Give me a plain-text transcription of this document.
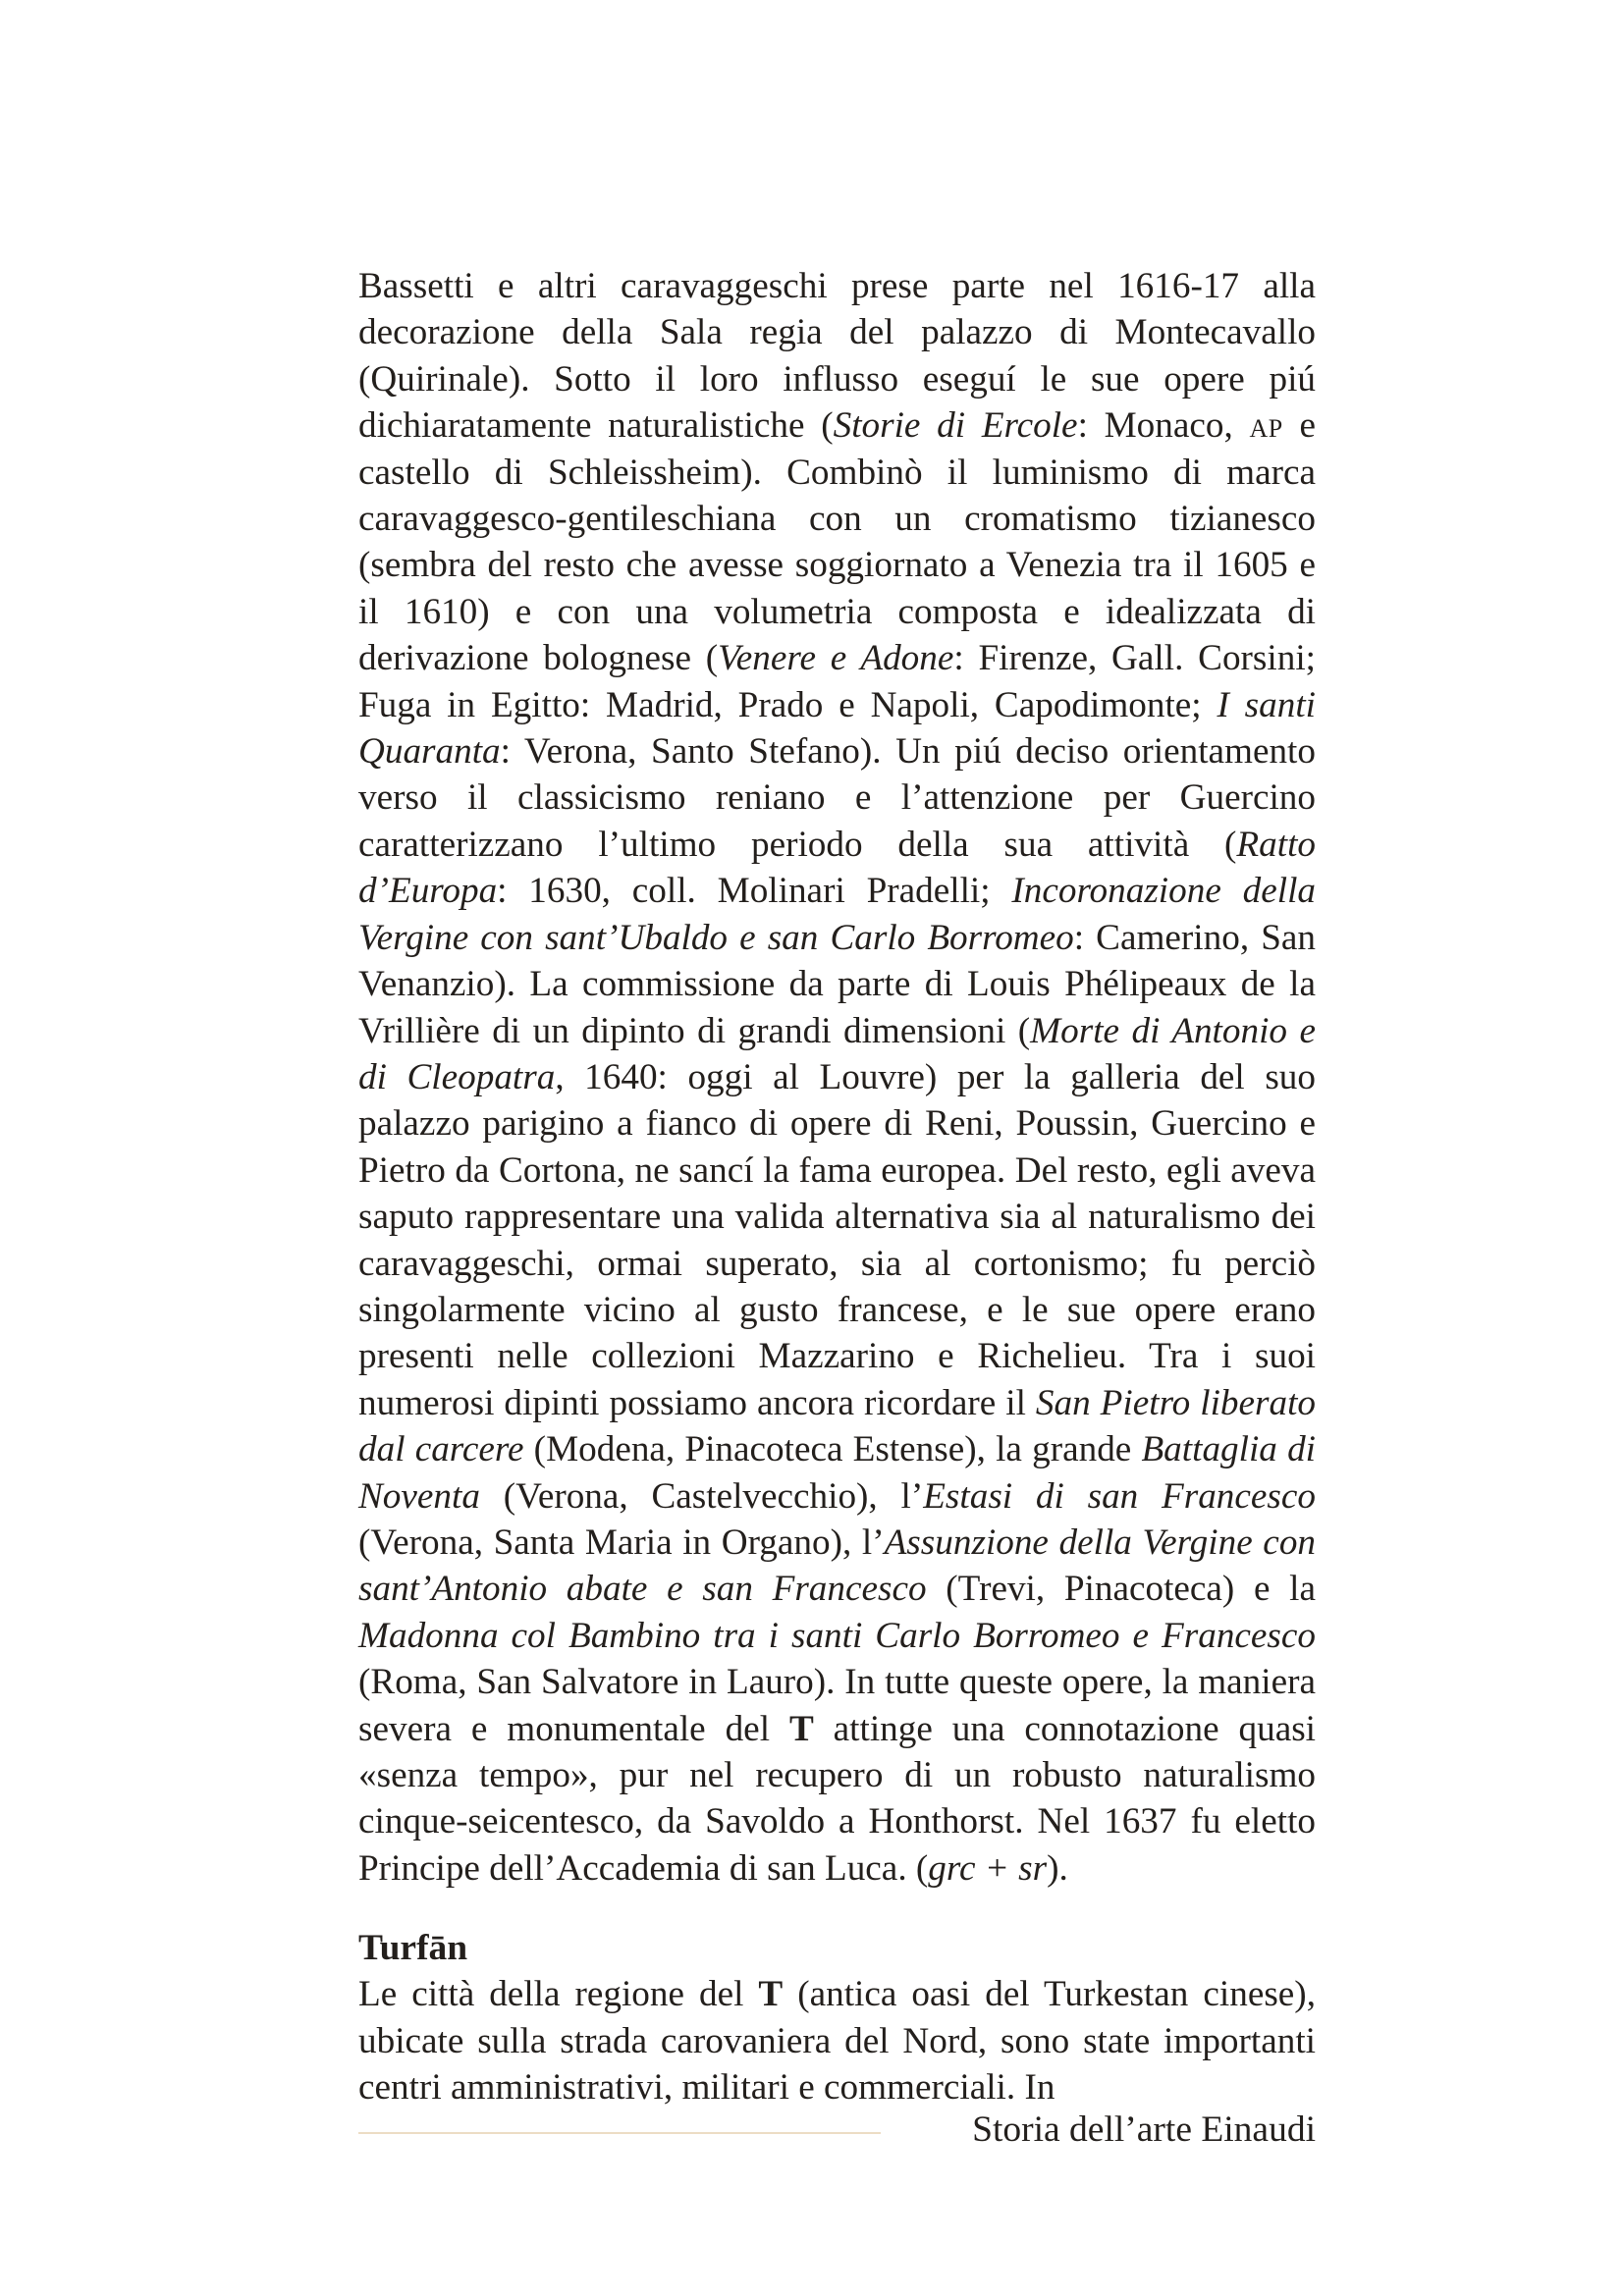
Bassetti e altri caravaggeschi prese parte nel 1616-17 alla decorazione della Sala regia del palazzo di Montecavallo (Quirinale). Sotto il loro influsso eseguí le sue opere piú dichiaratamente naturalistiche (Storie di Ercole: Monaco, ap e castello di Schleissheim). Combinò il luminismo di marca caravaggesco-gentileschiana con un cromatismo tizianesco (sembra del resto che avesse soggiornato a Venezia tra il 1605 e il 1610) e con una volumetria composta e idealizzata di derivazione bolognese (Venere e Adone: Firenze, Gall. Corsini; Fuga in Egitto: Madrid, Prado e Napoli, Capodimonte; I santi Quaranta: Verona, Santo Stefano). Un piú deciso orientamento verso il classicismo reniano e l’attenzione per Guercino caratterizzano l’ultimo periodo della sua attività (Ratto d’Europa: 1630, coll. Molinari Pradelli; Incoronazione della Vergine con sant’Ubaldo e san Carlo Borromeo: Camerino, San Venanzio). La commissione da parte di Louis Phélipeaux de la Vrillière di un dipinto di grandi dimensioni (Morte di Antonio e di Cleopatra, 1640: oggi al Louvre) per la galleria del suo palazzo parigino a fianco di opere di Reni, Poussin, Guercino e Pietro da Cortona, ne sancí la fama europea. Del resto, egli aveva saputo rappresentare una valida alternativa sia al naturalismo dei caravaggeschi, ormai superato, sia al cortonismo; fu perciò singolarmente vicino al gusto francese, e le sue opere erano presenti nelle collezioni Mazzarino e Richelieu. Tra i suoi numerosi dipinti possiamo ancora ricordare il San Pietro liberato dal carcere (Modena, Pinacoteca Estense), la grande Battaglia di Noventa (Verona, Castelvecchio), l’Estasi di san Francesco (Verona, Santa Maria in Organo), l’Assunzione della Vergine con sant’Antonio abate e san Francesco (Trevi, Pinacoteca) e la Madonna col Bambino tra i santi Carlo Borromeo e Francesco (Roma, San Salvatore in Lauro). In tutte queste opere, la maniera severa e monumentale del T attinge una connotazione quasi «senza tempo», pur nel recupero di un robusto naturalismo cinque-seicentesco, da Savoldo a Honthorst. Nel 1637 fu eletto Principe dell’Accademia di san Luca. (grc + sr).

Turfān

Le città della regione del T (antica oasi del Turkestan cinese), ubicate sulla strada carovaniera del Nord, sono state importanti centri amministrativi, militari e commerciali. In

Storia dell’arte Einaudi
